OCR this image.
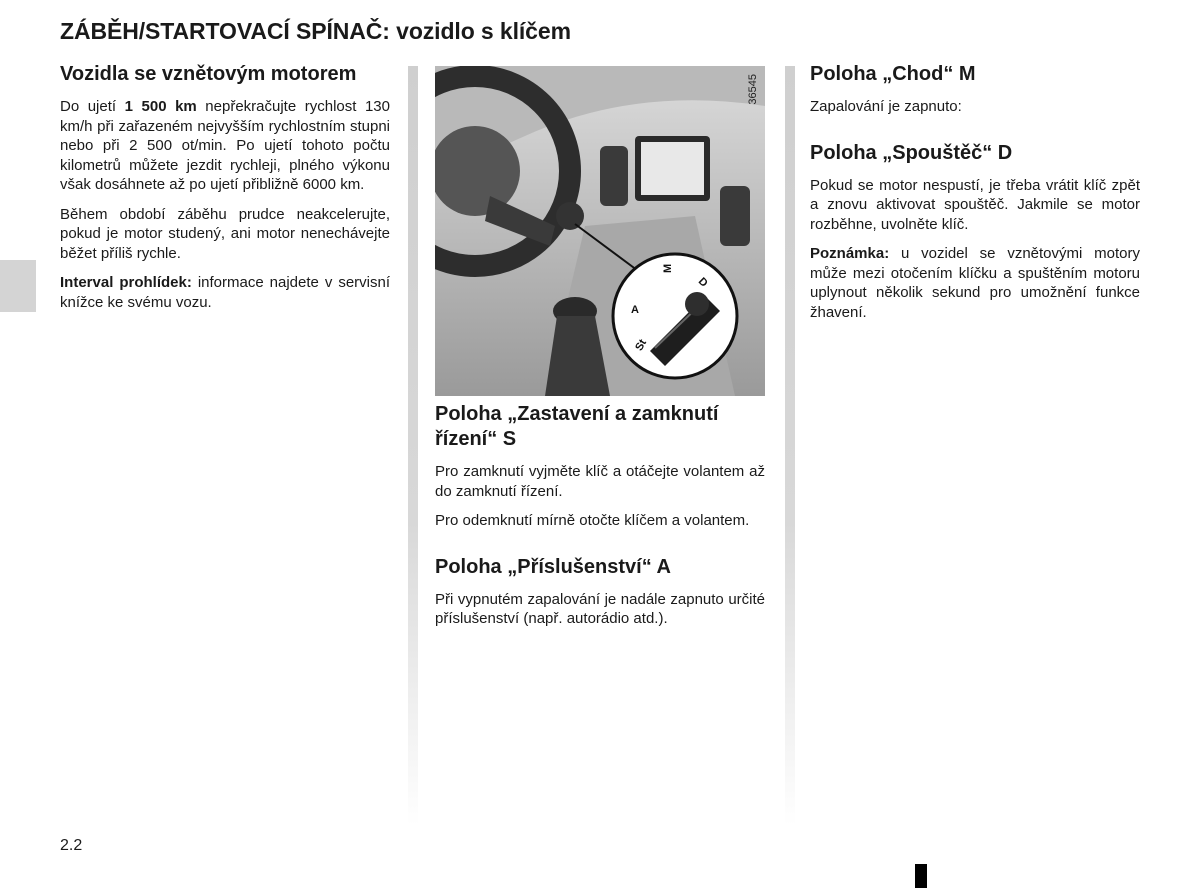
ZÁBĚH/STARTOVACÍ SPÍNAČ: vozidlo s klíčem
Vozidla se vznětovým motorem

Do ujetí 1 500 km nepřekračujte rychlost 130 km/h při zařazeném nejvyšším rychlostním stupni nebo při 2 500 ot/min. Po ujetí tohoto počtu kilometrů můžete jezdit rychleji, plného výkonu však dosáhnete až po ujetí přibližně 6000 km.

Během období záběhu prudce neakcelerujte, pokud je motor studený, ani motor nenechávejte běžet příliš rychle.

Interval prohlídek: informace najdete v servisní knížce ke svému vozu.

M
D
A
St
36545
Poloha „Zastavení a zamknutí řízení“ S

Pro zamknutí vyjměte klíč a otáčejte volantem až do zamknutí řízení.

Pro odemknutí mírně otočte klíčem a volantem.

Poloha „Příslušenství“ A

Při vypnutém zapalování je nadále zapnuto určité příslušenství (např. autorádio atd.).

Poloha „Chod“ M

Zapalování je zapnuto:

Poloha „Spouštěč“ D

Pokud se motor nespustí, je třeba vrátit klíč zpět a znovu aktivovat spouštěč. Jakmile se motor rozběhne, uvolněte klíč.

Poznámka: u vozidel se vznětovými motory může mezi otočením klíčku a spuštěním motoru uplynout několik sekund pro umožnění funkce žhavení.

2.2
